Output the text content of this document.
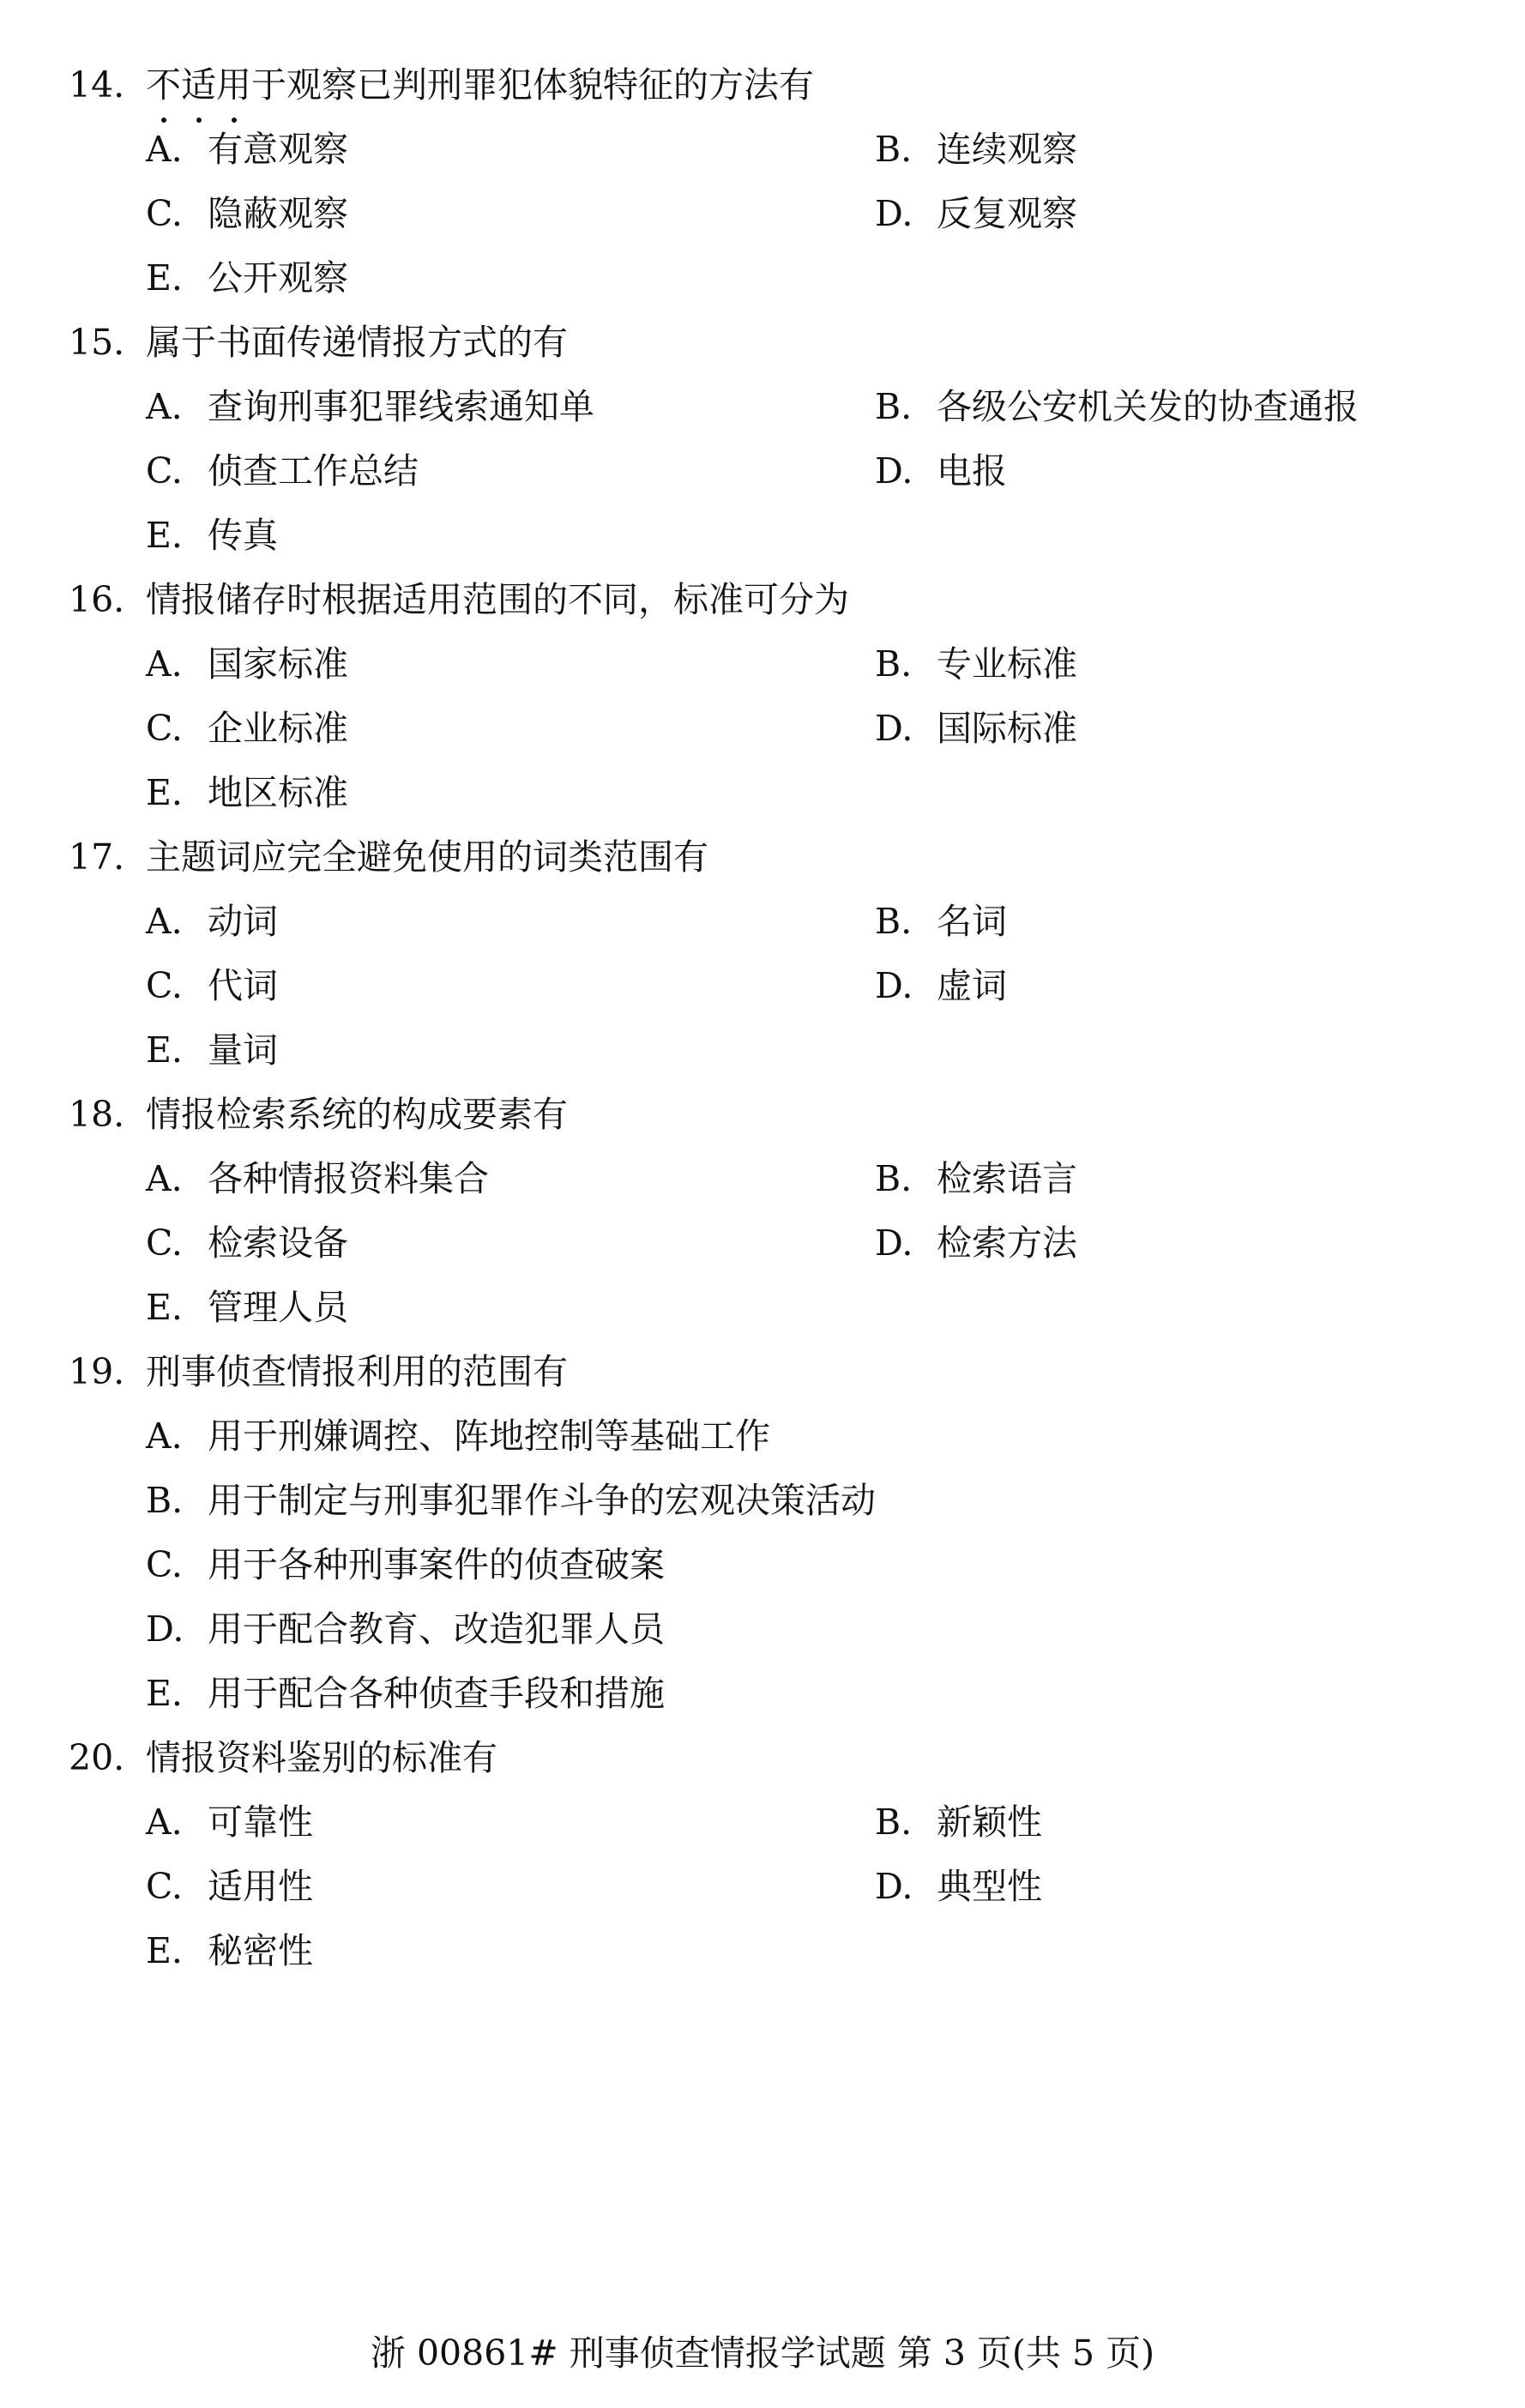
14. 不适用于观察已判刑罪犯体貌特征的方法有
A. 有意观察	B. 连续观察
C. 隐蔽观察	D. 反复观察
E. 公开观察
15. 属于书面传递情报方式的有
A. 查询刑事犯罪线索通知单	B. 各级公安机关发的协查通报
C. 侦查工作总结	D. 电报
E. 传真
16. 情报储存时根据适用范围的不同，标准可分为
A. 国家标准	B. 专业标准
C. 企业标准	D. 国际标准
E. 地区标准
17. 主题词应完全避免使用的词类范围有
A. 动词	B. 名词
C. 代词	D. 虚词
E. 量词
18. 情报检索系统的构成要素有
A. 各种情报资料集合	B. 检索语言
C. 检索设备	D. 检索方法
E. 管理人员
19. 刑事侦查情报利用的范围有
A. 用于刑嫌调控、阵地控制等基础工作
B. 用于制定与刑事犯罪作斗争的宏观决策活动
C. 用于各种刑事案件的侦查破案
D. 用于配合教育、改造犯罪人员
E. 用于配合各种侦查手段和措施
20. 情报资料鉴别的标准有
A. 可靠性	B. 新颖性
C. 适用性	D. 典型性
E. 秘密性
浙 00861# 刑事侦查情报学试题 第 3 页(共 5 页)
